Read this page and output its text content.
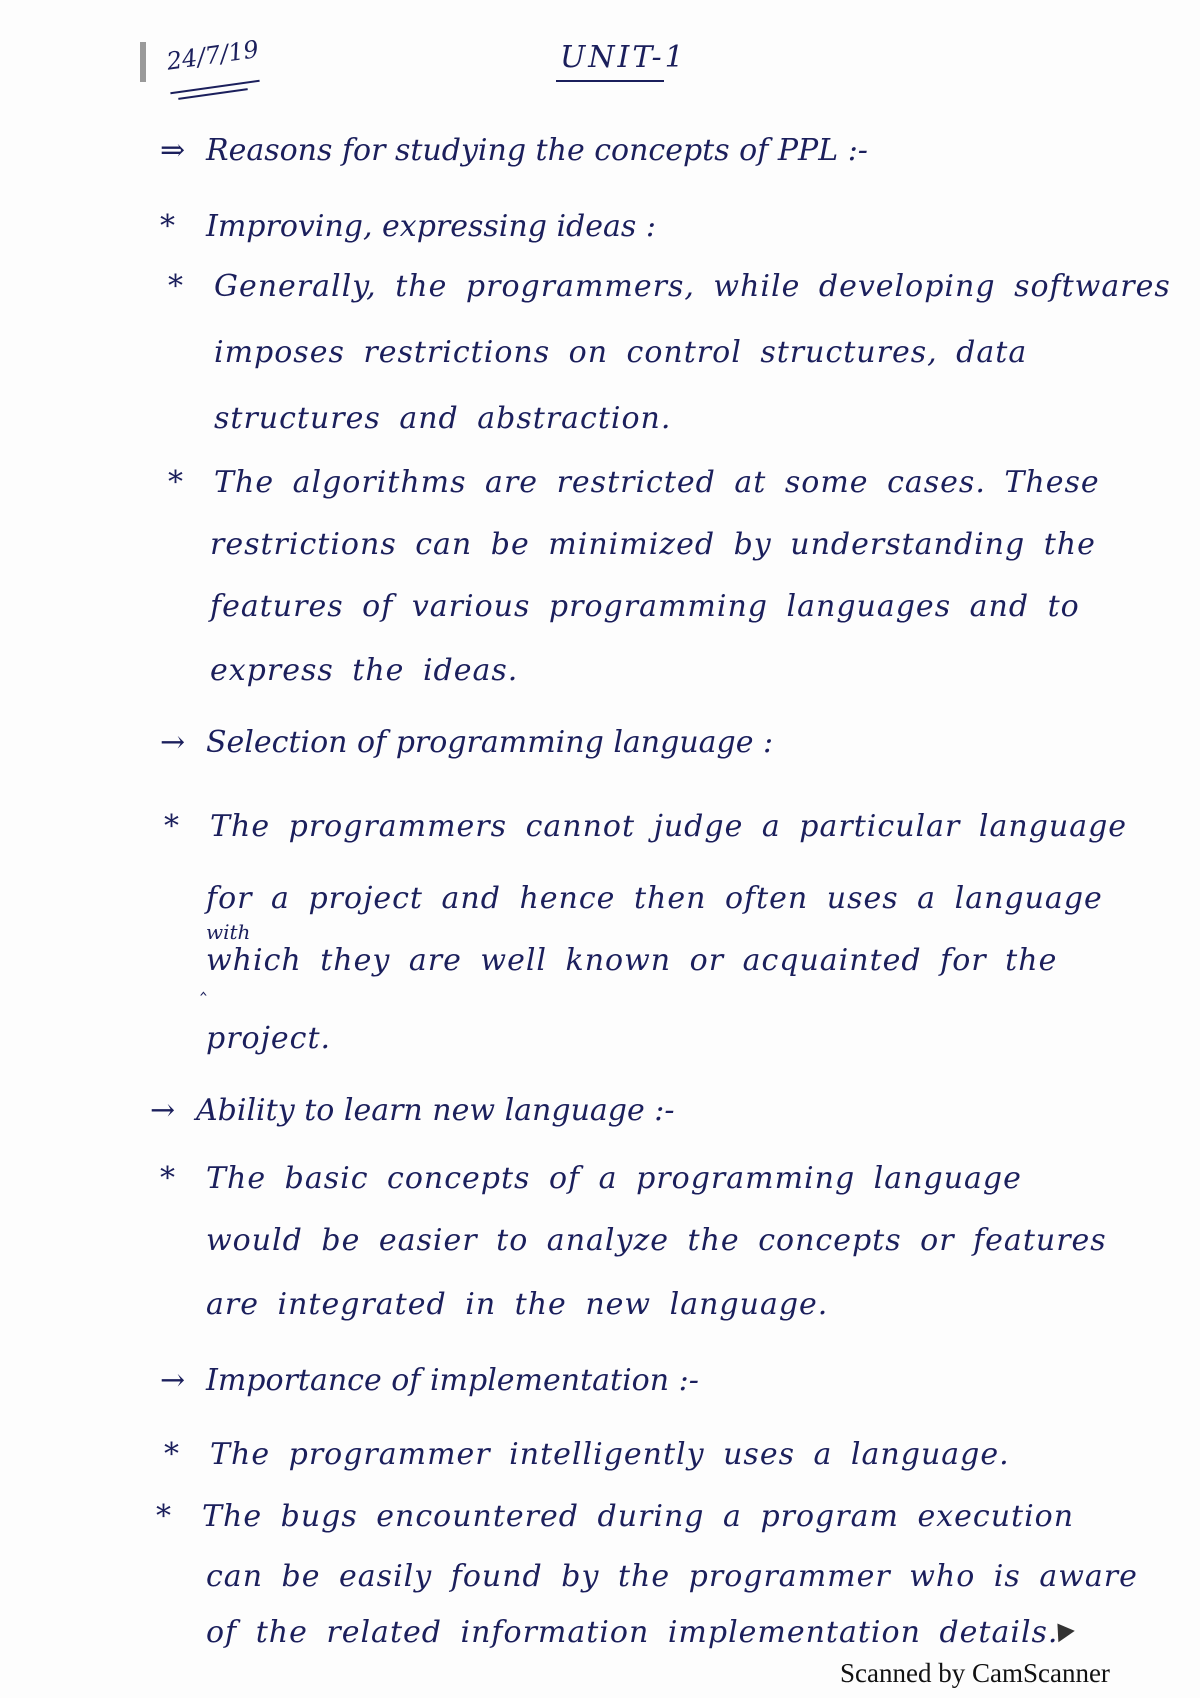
24/7/19	UNIT-1
⇒ Reasons for studying the concepts of PPL :-
* Improving, expressing ideas :
* Generally, the programmers, while developing softwares
imposes restrictions on control structures, data
structures and abstraction.
* The algorithms are restricted at some cases. These
restrictions can be minimized by understanding the
features of various programming languages and to
express the ideas.
→ Selection of programming language :
* The programmers cannot judge a particular language
for a project and hence then often uses a language
with
‸
which they are well known or acquainted for the
project.
→ Ability to learn new language :-
* The basic concepts of a programming language
would be easier to analyze the concepts or features
are integrated in the new language.
→ Importance of implementation :-
* The programmer intelligently uses a language.
* The bugs encountered during a program execution
can be easily found by the programmer who is aware
of the related information implementation details.
Scanned by CamScanner
